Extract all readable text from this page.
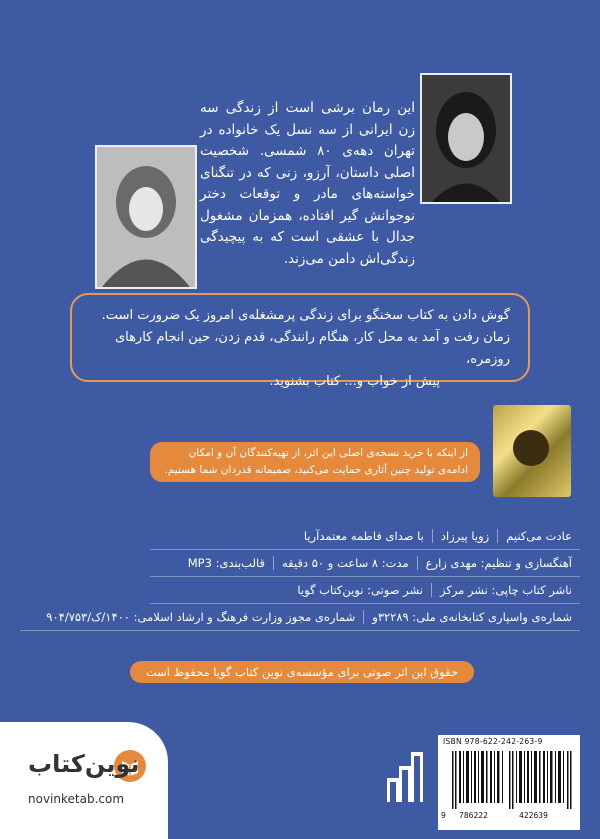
این رمان برشی است از زندگی سه زن ایرانی از سه نسل یک خانواده در تهران دهه‌ی ۸۰ شمسی. شخصیت اصلی داستان، آرزو، زنی که در تنگنای خواسته‌های مادر و توقعات دختر نوجوانش گیر افتاده، همزمان مشغول جدال با عشقی است که به پیچیدگی زندگی‌اش دامن می‌زند.
گوش دادن به کتاب سخنگو برای زندگی پرمشغله‌ی امروز یک ضرورت است.
زمان رفت و آمد به محل کار، هنگام رانندگی، قدم زدن، حین انجام کارهای روزمره،
پیش از خواب و... کتاب بشنوید.
از اینکه با خرید نسخه‌ی اصلی این اثر، از تهیه‌کنندگان آن و امکان ادامه‌ی تولید چنین آثاری حمایت می‌کنید، صمیمانه قدردان شما هستیم.
عادت می‌کنیم
زویا پیرزاد
با صدای فاطمه معتمدآریا
آهنگسازی و تنظیم: مهدی زارع
مدت: ۸ ساعت و ۵۰ دقیقه
قالب‌بندی: MP3
ناشر کتاب چاپی: نشر مرکز
نشر صوتی: نوین‌کتاب گویا
شماره‌ی واسپاری کتابخانه‌ی ملی: ۳۲۲۸۹و
شماره‌ی مجوز وزارت فرهنگ و ارشاد اسلامی: ۱۴۰۰/ک/۹۰۴/۷۵۳
حقوق این اثر صوتی برای مؤسسه‌ی نوین کتاب گویا محفوظ است
نوین‌کتاب
novinketab.com
ISBN 978-622-242-263-9
9 786222	422639
